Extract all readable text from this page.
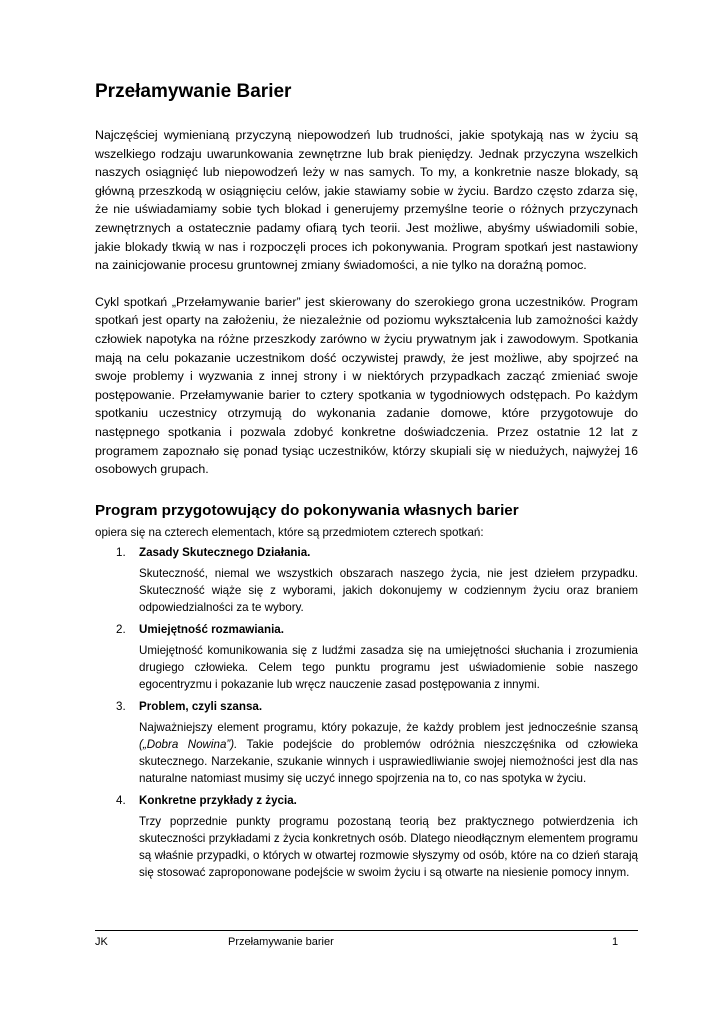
Przełamywanie Barier

Najczęściej wymienianą przyczyną niepowodzeń lub trudności, jakie spotykają nas w życiu są wszelkiego rodzaju uwarunkowania zewnętrzne lub brak pieniędzy. Jednak przyczyna wszelkich naszych osiągnięć lub niepowodzeń leży w nas samych. To my, a konkretnie nasze blokady, są główną przeszkodą w osiągnięciu celów, jakie stawiamy sobie w życiu. Bardzo często zdarza się, że nie uświadamiamy sobie tych blokad i generujemy przemyślne teorie o różnych przyczynach zewnętrznych a ostatecznie padamy ofiarą tych teorii. Jest możliwe, abyśmy uświadomili sobie, jakie blokady tkwią w nas i rozpoczęli proces ich pokonywania. Program spotkań jest nastawiony na zainicjowanie procesu gruntownej zmiany świadomości, a nie tylko na doraźną pomoc.

Cykl spotkań „Przełamywanie barier” jest skierowany do szerokiego grona uczestników. Program spotkań jest oparty na założeniu, że niezależnie od poziomu wykształcenia lub zamożności każdy człowiek napotyka na różne przeszkody zarówno w życiu prywatnym jak i zawodowym. Spotkania mają na celu pokazanie uczestnikom dość oczywistej prawdy, że jest możliwe, aby spojrzeć na swoje problemy i wyzwania z innej strony i w niektórych przypadkach zacząć zmieniać swoje postępowanie. Przełamywanie barier to cztery spotkania w tygodniowych odstępach. Po każdym spotkaniu uczestnicy otrzymują do wykonania zadanie domowe, które przygotowuje do następnego spotkania i pozwala zdobyć konkretne doświadczenia. Przez ostatnie 12 lat z programem zapoznało się ponad tysiąc uczestników, którzy skupiali się w niedużych, najwyżej 16 osobowych grupach.

Program przygotowujący do pokonywania własnych barier
opiera się na czterech elementach, które są przedmiotem czterech spotkań:
1. Zasady Skutecznego Działania.

Skuteczność, niemal we wszystkich obszarach naszego życia, nie jest dziełem przypadku. Skuteczność wiąże się z wyborami, jakich dokonujemy w codziennym życiu oraz braniem odpowiedzialności za te wybory.

2. Umiejętność rozmawiania.

Umiejętność komunikowania się z ludźmi zasadza się na umiejętności słuchania i zrozumienia drugiego człowieka. Celem tego punktu programu jest uświadomienie sobie naszego egocentryzmu i pokazanie lub wręcz nauczenie zasad postępowania z innymi.

3. Problem, czyli szansa.

Najważniejszy element programu, który pokazuje, że każdy problem jest jednocześnie szansą („Dobra Nowina”). Takie podejście do problemów odróżnia nieszczęśnika od człowieka skutecznego. Narzekanie, szukanie winnych i usprawiedliwianie swojej niemożności jest dla nas naturalne natomiast musimy się uczyć innego spojrzenia na to, co nas spotyka w życiu.

4. Konkretne przykłady z życia.

Trzy poprzednie punkty programu pozostaną teorią bez praktycznego potwierdzenia ich skuteczności przykładami z życia konkretnych osób. Dlatego nieodłącznym elementem programu są właśnie przypadki, o których w otwartej rozmowie słyszymy od osób, które na co dzień starają się stosować zaproponowane podejście w swoim życiu i są otwarte na niesienie pomocy innym.

JK	Przełamywanie barier	1
